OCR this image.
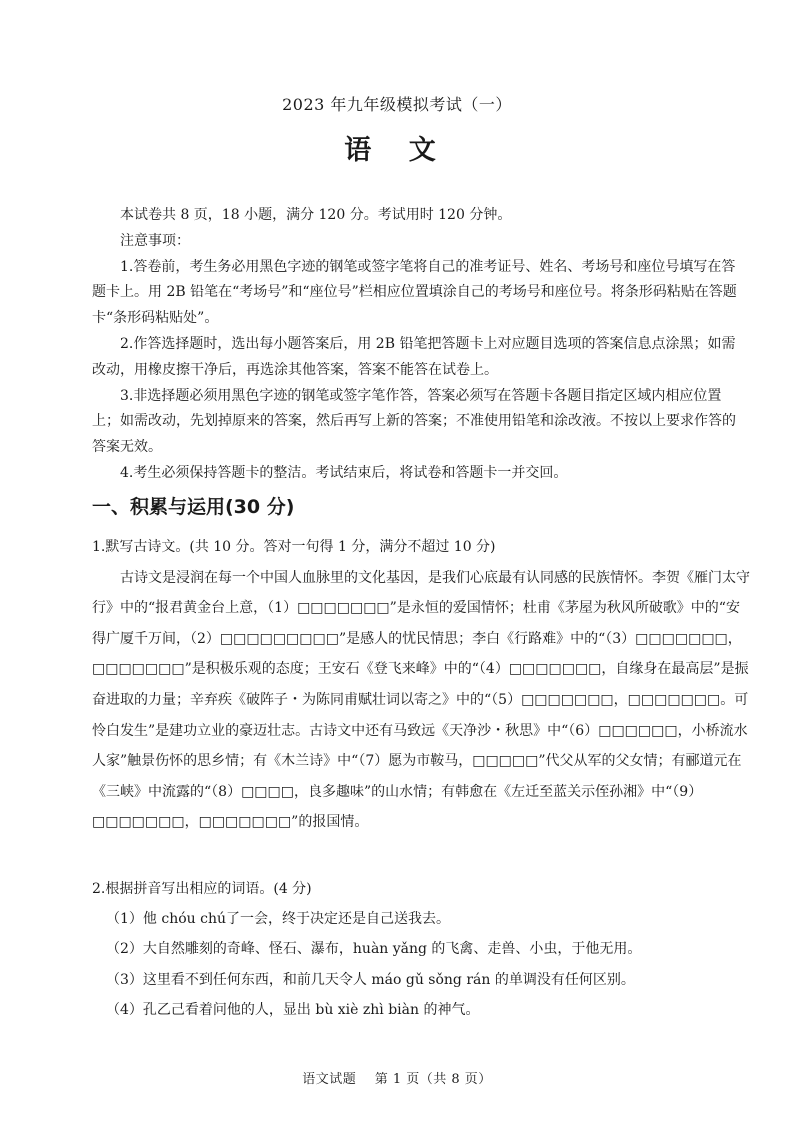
2023 年九年级模拟考试（一）
语 文

本试卷共 8 页，18 小题，满分 120 分。考试用时 120 分钟。

注意事项：

1.答卷前，考生务必用黑色字迹的钢笔或签字笔将自己的准考证号、姓名、考场号和座位号填写在答题卡上。用 2B 铅笔在“考场号”和“座位号”栏相应位置填涂自己的考场号和座位号。将条形码粘贴在答题卡“条形码粘贴处”。

2.作答选择题时，选出每小题答案后，用 2B 铅笔把答题卡上对应题目选项的答案信息点涂黑；如需改动，用橡皮擦干净后，再选涂其他答案，答案不能答在试卷上。

3.非选择题必须用黑色字迹的钢笔或签字笔作答，答案必须写在答题卡各题目指定区域内相应位置上；如需改动，先划掉原来的答案，然后再写上新的答案；不准使用铅笔和涂改液。不按以上要求作答的答案无效。

4.考生必须保持答题卡的整洁。考试结束后，将试卷和答题卡一并交回。

一、积累与运用(30 分)

1.默写古诗文。(共 10 分。答对一句得 1 分，满分不超过 10 分)

古诗文是浸润在每一个中国人血脉里的文化基因，是我们心底最有认同感的民族情怀。李贺《雁门太守行》中的“报君黄金台上意，（1）□□□□□□□”是永恒的爱国情怀；杜甫《茅屋为秋风所破歌》中的“安得广厦千万间，（2）□□□□□□□□□”是感人的忧民情思；李白《行路难》中的“（3）□□□□□□□，□□□□□□□”是积极乐观的态度；王安石《登飞来峰》中的“（4）□□□□□□□，自缘身在最高层”是振奋进取的力量；辛弃疾《破阵子・为陈同甫赋壮词以寄之》中的“（5）□□□□□□□，□□□□□□□。可怜白发生”是建功立业的豪迈壮志。古诗文中还有马致远《天净沙・秋思》中“（6）□□□□□□，小桥流水人家”触景伤怀的思乡情；有《木兰诗》中“（7）愿为市鞍马，□□□□□”代父从军的父女情；有郦道元在《三峡》中流露的“（8）□□□□，良多趣味”的山水情；有韩愈在《左迁至蓝关示侄孙湘》中“（9）□□□□□□□，□□□□□□□”的报国情。

2.根据拼音写出相应的词语。(4 分)

（1）他 chóu chú了一会，终于决定还是自己送我去。

（2）大自然雕刻的奇峰、怪石、瀑布，huàn yǎng 的飞禽、走兽、小虫，于他无用。

（3）这里看不到任何东西，和前几天令人 máo gǔ sǒng rán 的单调没有任何区别。

（4）孔乙己看着问他的人，显出 bù xiè zhì biàn 的神气。

语文试题    第 1 页（共 8 页）
